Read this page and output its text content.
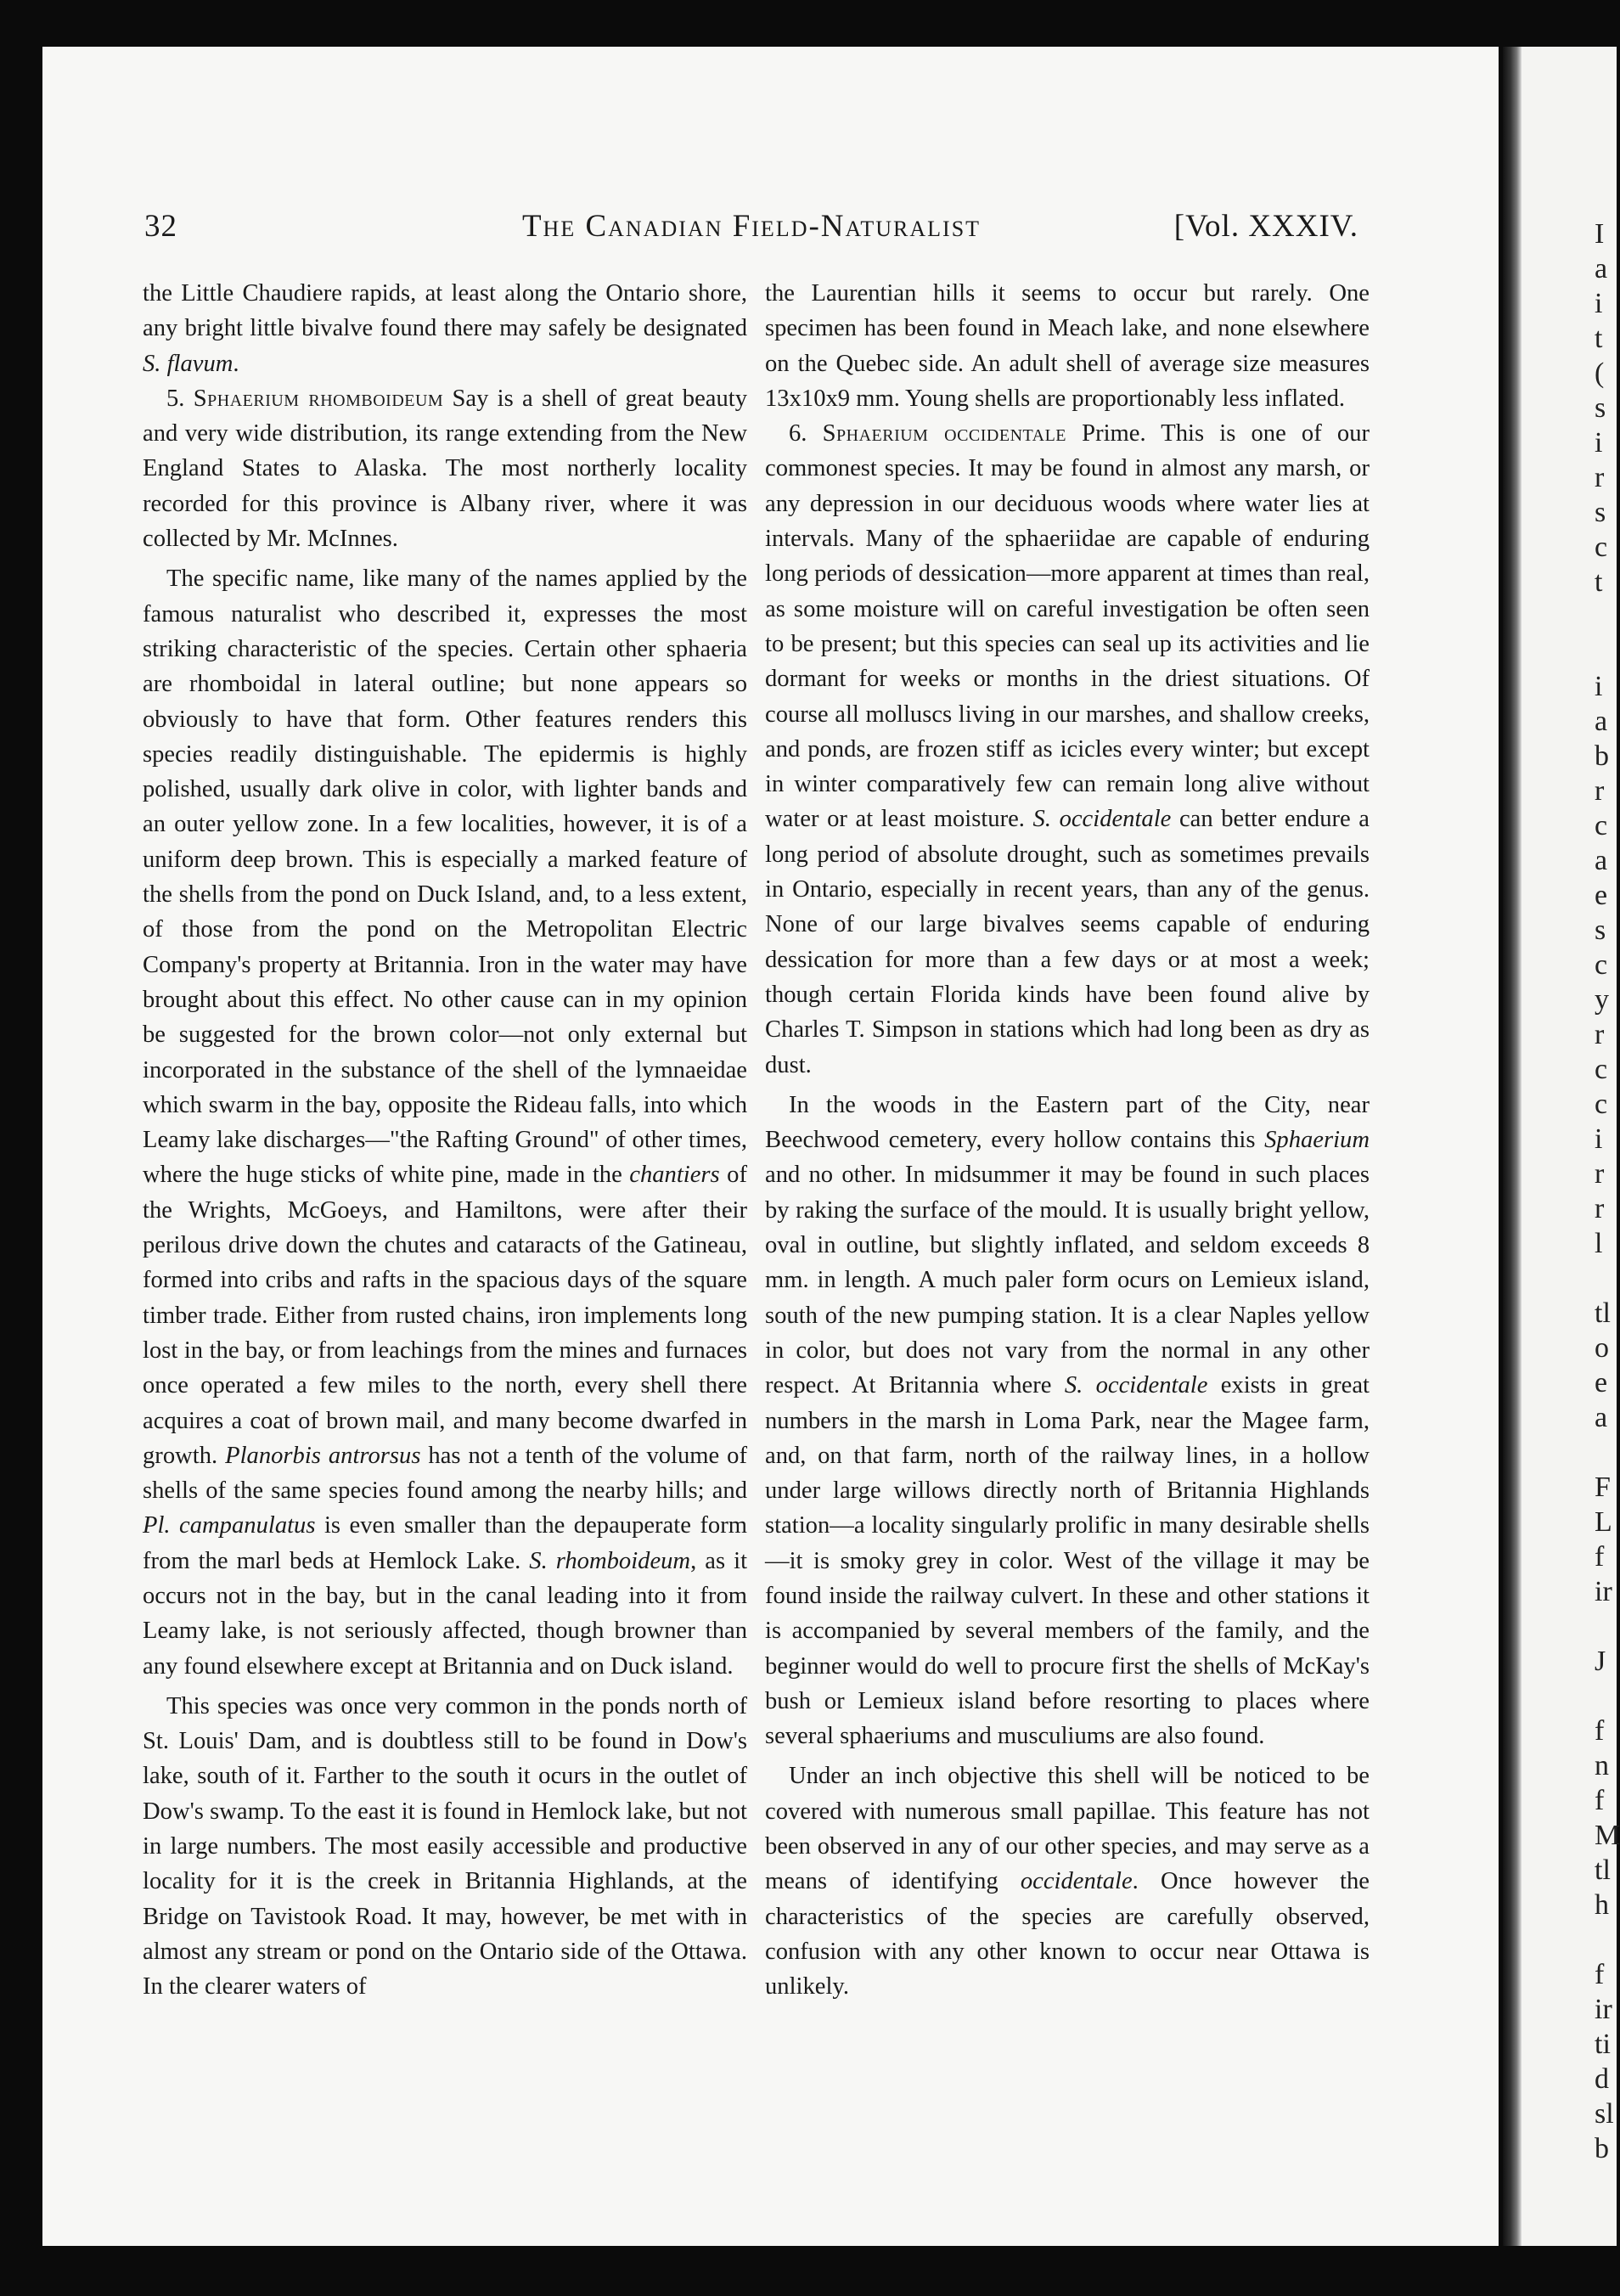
I
a
i
t
(
s
i
r
s
c
t
i
a
b
r
c
a
e
s
c
y
r
c
c
i
r
r
l
tl
o
e
a
F
L
f
ir
J
f
n
f
M
tl
h
f
ir
ti
d
sl
b
32	The Canadian Field-Naturalist	[Vol. XXXIV.

the Little Chaudiere rapids, at least along the Ontario shore, any bright little bivalve found there may safely be designated S. flavum.

5. Sphaerium rhomboideum Say is a shell of great beauty and very wide distribution, its range extending from the New England States to Alaska. The most northerly locality recorded for this province is Albany river, where it was collected by Mr. McInnes.

The specific name, like many of the names applied by the famous naturalist who described it, expresses the most striking characteristic of the species. Certain other sphaeria are rhomboidal in lateral outline; but none appears so obviously to have that form. Other features renders this species readily distinguishable. The epidermis is highly polished, usually dark olive in color, with lighter bands and an outer yellow zone. In a few localities, however, it is of a uniform deep brown. This is especially a marked feature of the shells from the pond on Duck Island, and, to a less extent, of those from the pond on the Metropolitan Electric Company's property at Britannia. Iron in the water may have brought about this effect. No other cause can in my opinion be suggested for the brown color—not only external but incorporated in the substance of the shell of the lymnaeidae which swarm in the bay, opposite the Rideau falls, into which Leamy lake discharges—"the Rafting Ground" of other times, where the huge sticks of white pine, made in the chantiers of the Wrights, McGoeys, and Hamiltons, were after their perilous drive down the chutes and cataracts of the Gatineau, formed into cribs and rafts in the spacious days of the square timber trade. Either from rusted chains, iron implements long lost in the bay, or from leachings from the mines and furnaces once operated a few miles to the north, every shell there acquires a coat of brown mail, and many become dwarfed in growth. Planorbis antrorsus has not a tenth of the volume of shells of the same species found among the nearby hills; and Pl. campanulatus is even smaller than the depauperate form from the marl beds at Hemlock Lake. S. rhomboideum, as it occurs not in the bay, but in the canal leading into it from Leamy lake, is not seriously affected, though browner than any found elsewhere except at Britannia and on Duck island.

This species was once very common in the ponds north of St. Louis' Dam, and is doubtless still to be found in Dow's lake, south of it. Farther to the south it ocurs in the outlet of Dow's swamp. To the east it is found in Hemlock lake, but not in large numbers. The most easily accessible and productive locality for it is the creek in Britannia Highlands, at the Bridge on Tavistook Road. It may, however, be met with in almost any stream or pond on the Ontario side of the Ottawa. In the clearer waters of

the Laurentian hills it seems to occur but rarely. One specimen has been found in Meach lake, and none elsewhere on the Quebec side. An adult shell of average size measures 13x10x9 mm. Young shells are proportionably less inflated.

6. Sphaerium occidentale Prime. This is one of our commonest species. It may be found in almost any marsh, or any depression in our deciduous woods where water lies at intervals. Many of the sphaeriidae are capable of enduring long periods of dessication—more apparent at times than real, as some moisture will on careful investigation be often seen to be present; but this species can seal up its activities and lie dormant for weeks or months in the driest situations. Of course all molluscs living in our marshes, and shallow creeks, and ponds, are frozen stiff as icicles every winter; but except in winter comparatively few can remain long alive without water or at least moisture. S. occidentale can better endure a long period of absolute drought, such as sometimes prevails in Ontario, especially in recent years, than any of the genus. None of our large bivalves seems capable of enduring dessication for more than a few days or at most a week; though certain Florida kinds have been found alive by Charles T. Simpson in stations which had long been as dry as dust.

In the woods in the Eastern part of the City, near Beechwood cemetery, every hollow contains this Sphaerium and no other. In midsummer it may be found in such places by raking the surface of the mould. It is usually bright yellow, oval in outline, but slightly inflated, and seldom exceeds 8 mm. in length. A much paler form ocurs on Lemieux island, south of the new pumping station. It is a clear Naples yellow in color, but does not vary from the normal in any other respect. At Britannia where S. occidentale exists in great numbers in the marsh in Loma Park, near the Magee farm, and, on that farm, north of the railway lines, in a hollow under large willows directly north of Britannia Highlands station—a locality singularly prolific in many desirable shells—it is smoky grey in color. West of the village it may be found inside the railway culvert. In these and other stations it is accompanied by several members of the family, and the beginner would do well to procure first the shells of McKay's bush or Lemieux island before resorting to places where several sphaeriums and musculiums are also found.

Under an inch objective this shell will be noticed to be covered with numerous small papillae. This feature has not been observed in any of our other species, and may serve as a means of identifying occidentale. Once however the characteristics of the species are carefully observed, confusion with any other known to occur near Ottawa is unlikely.
